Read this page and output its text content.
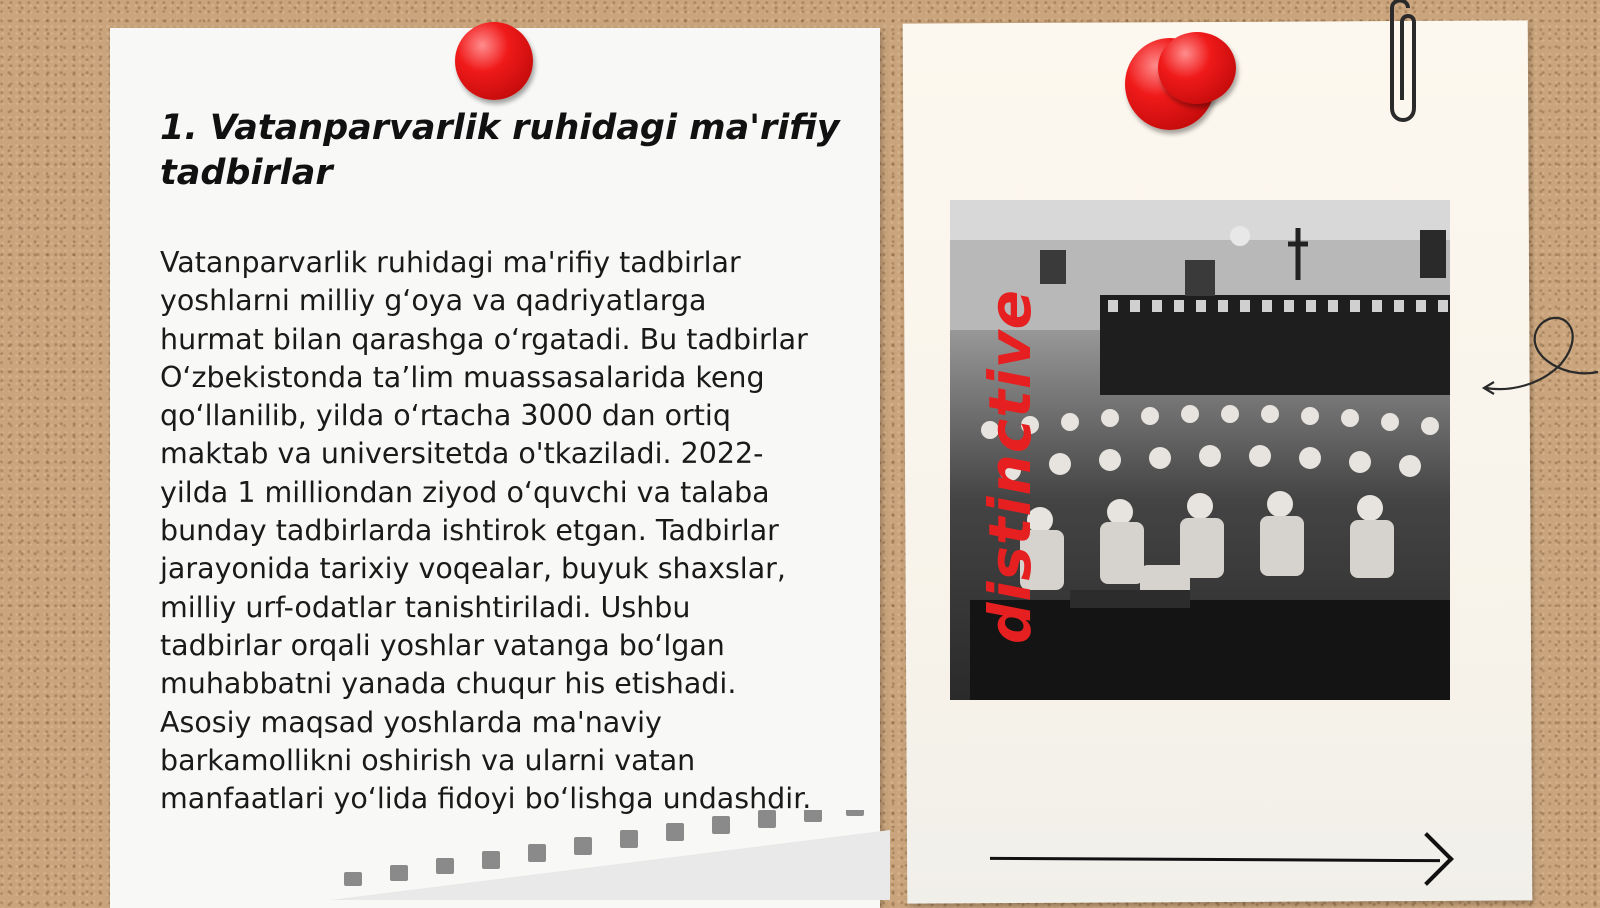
1. Vatanparvarlik ruhidagi ma'rifiy tadbirlar
Vatanparvarlik ruhidagi ma'rifiy tadbirlar
yoshlarni milliy g‘oya va qadriyatlarga
hurmat bilan qarashga o‘rgatadi. Bu tadbirlar
O‘zbekistonda ta’lim muassasalarida keng
qo‘llanilib, yilda o‘rtacha 3000 dan ortiq
maktab va universitetda o'tkaziladi. 2022-
yilda 1 milliondan ziyod o‘quvchi va talaba
bunday tadbirlarda ishtirok etgan. Tadbirlar
jarayonida tarixiy voqealar, buyuk shaxslar,
milliy urf-odatlar tanishtiriladi. Ushbu
tadbirlar orqali yoshlar vatanga bo‘lgan
muhabbatni yanada chuqur his etishadi.
Asosiy maqsad yoshlarda ma'naviy
barkamollikni oshirish va ularni vatan
manfaatlari yo‘lida fidoyi bo‘lishga undashdir.
distinctive
